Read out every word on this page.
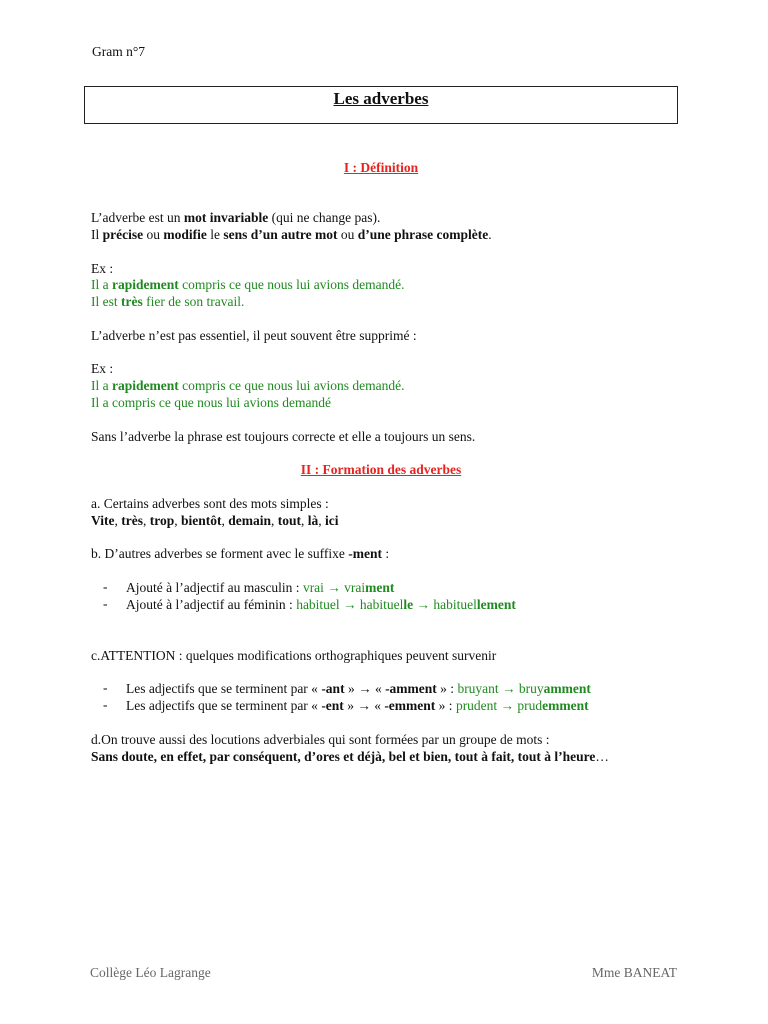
Gram n°7
Les adverbes
I : Définition
L’adverbe est un mot invariable (qui ne change pas).
Il précise ou modifie le sens d’un autre mot ou d’une phrase complète.
Ex :
Il a rapidement compris ce que nous lui avions demandé.
Il est très fier de son travail.
L’adverbe n’est pas essentiel, il peut souvent être supprimé :
Ex :
Il a rapidement compris ce que nous lui avions demandé.
Il a compris ce que nous lui avions demandé
Sans l’adverbe la phrase est toujours correcte et elle a toujours un sens.
II : Formation des adverbes
a. Certains adverbes sont des mots simples :
Vite, très, trop, bientôt, demain, tout, là, ici
b. D’autres adverbes se forment avec le suffixe -ment :
- Ajouté à l’adjectif au masculin : vrai → vraiment
- Ajouté à l’adjectif au féminin : habituel → habituelle → habituellement
c.ATTENTION : quelques modifications orthographiques peuvent survenir
- Les adjectifs que se terminent par « -ant » → « -amment » : bruyant → bruyamment
- Les adjectifs que se terminent par « -ent » → « -emment » : prudent → prudemment
d.On trouve aussi des locutions adverbiales qui sont formées par un groupe de mots :
Sans doute, en effet, par conséquent, d’ores et déjà, bel et bien, tout à fait, tout à l’heure…
Collège Léo Lagrange	Mme BANEAT
